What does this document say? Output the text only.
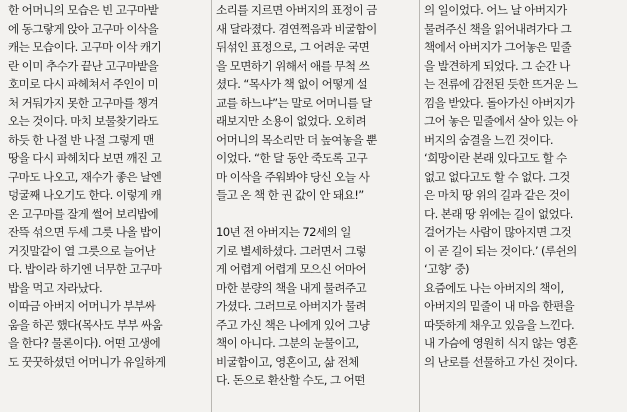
한 어머니의 모습은 빈 고구마밭
에 동그랗게 앉아 고구마 이삭을
캐는 모습이다. 고구마 이삭 캐기
란 이미 추수가 끝난 고구마밭을
호미로 다시 파헤쳐서 주인이 미
처 거둬가지 못한 고구마를 챙겨
오는 것이다. 마치 보물찾기라도
하듯 한 나절 반 나절 그렇게 맨
땅을 다시 파헤치다 보면 깨진 고
구마도 나오고, 재수가 좋은 날엔
덩굴째 나오기도 한다. 이렇게 캐
온 고구마를 잘게 썰어 보리밥에
잔뜩 섞으면 두세 그릇 나올 밥이
거짓말같이 열 그릇으로 늘어난
다. 밥이라 하기엔 너무한 고구마
밥을 먹고 자라났다.
이따금 아버지 어머니가 부부싸
움을 하곤 했다(목사도 부부 싸움
을 한다? 물론이다). 어떤 고생에
도 꿋꿋하셨던 어머니가 유일하게
소리를 지르면 아버지의 표정이 금
새 달라졌다. 겸연쩍음과 비굴함이
뒤섞인 표정으로, 그 어려운 국면
을 모면하기 위해서 애를 무척 쓰
셨다. “목사가 책 없이 어떻게 설
교를 하느냐”는 말로 어머니를 달
래보지만 소용이 없었다. 오히려
어머니의 목소리만 더 높여놓을 뿐
이었다. “한 달 동안 죽도록 고구
마 이삭을 주워봐야 당신 오늘 사
들고 온 책 한 권 값이 안 돼요!”
10년 전 아버지는 72세의 일
기로 별세하셨다. 그러면서 그렇
게 어렵게 어렵게 모으신 어마어
마한 분량의 책을 내게 물려주고
가셨다. 그러므로 아버지가 물려
주고 가신 책은 나에게 있어 그냥
책이 아니다. 그분의 눈물이고,
비굴함이고, 영혼이고, 삶 전체
다. 돈으로 환산할 수도, 그 어떤
의 일이었다. 어느 날 아버지가
물려주신 책을 읽어내려가다 그
책에서 아버지가 그어놓은 밑줄
을 발견하게 되었다. 그 순간 나
는 전류에 감전된 듯한 뜨거운 느
낌을 받았다. 돌아가신 아버지가
그어 놓은 밑줄에서 살아 있는 아
버지의 숨결을 느낀 것이다.
‘희망이란 본래 있다고도 할 수
없고 없다고도 할 수 없다. 그것
은 마치 땅 위의 길과 같은 것이
다. 본래 땅 위에는 길이 없었다.
걸어가는 사람이 많아지면 그것
이 곧 길이 되는 것이다.’ (루쉰의
‘고향’ 중)
요즘에도 나는 아버지의 책이,
아버지의 밑줄이 내 마음 한편을
따뜻하게 채우고 있음을 느낀다.
내 가슴에 영원히 식지 않는 영혼
의 난로를 선물하고 가신 것이다.
